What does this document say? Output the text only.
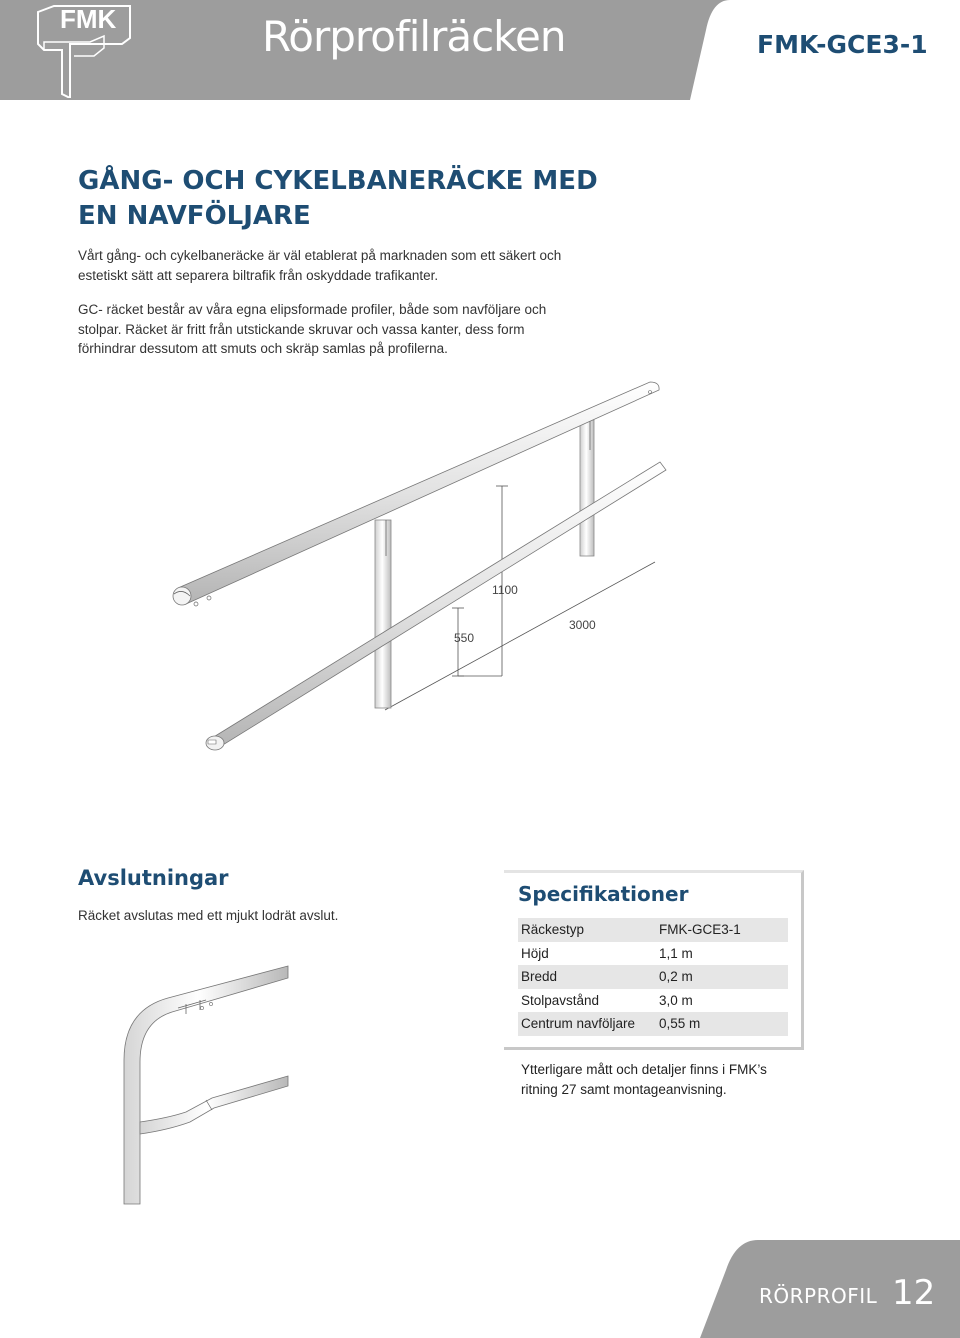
FMK	Rörprofilräcken	FMK-GCE3-1
GÅNG- OCH CYKELBANERÄCKE MED EN NAVFÖLJARE

Vårt gång- och cykelbaneräcke är väl etablerat på marknaden som ett säkert och estetiskt sätt att separera biltrafik från oskyddade trafikanter.

GC- räcket består av våra egna elipsformade profiler, både som navföljare och stolpar. Räcket är fritt från utstickande skruvar och vassa kanter, dess form förhindrar dessutom att smuts och skräp samlas på profilerna.

1100
550
3000
Avslutningar

Räcket avslutas med ett mjukt lodrät avslut.

Specifikationer
Räckestyp	FMK-GCE3-1
Höjd	1,1 m
Bredd	0,2 m
Stolpavstånd	3,0 m
Centrum navföljare	0,55 m

Ytterligare mått och detaljer finns i FMK’s ritning 27 samt montageanvisning.

RÖRPROFIL 12
